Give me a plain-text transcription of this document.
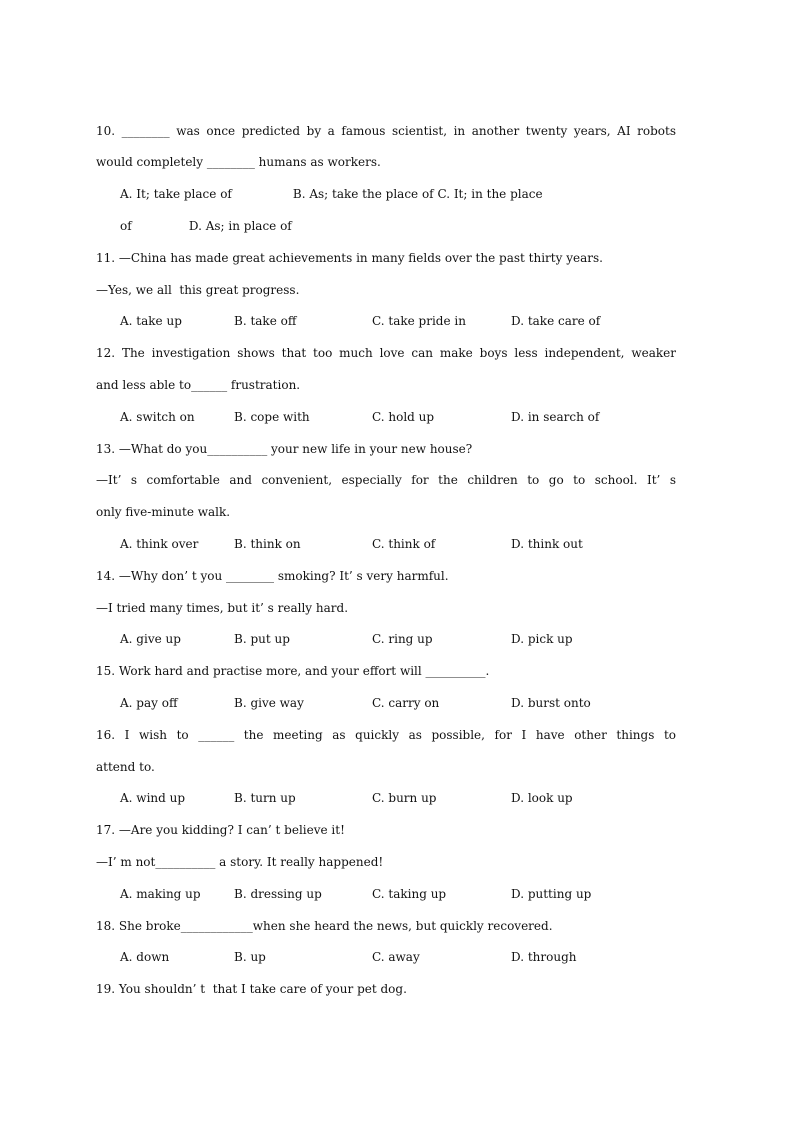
10. ________ was once predicted by a famous scientist, in another twenty years, AI robots
would completely ________ humans as workers.
A. It; take place of                B. As; take the place of C. It; in the place
of               D. As; in place of
11. —China has made great achievements in many fields over the past thirty years.
—Yes, we all  this great progress.
A. take up	B. take off	C. take pride in	D. take care of
12. The investigation shows that too much love can make boys less independent, weaker
and less able to______ frustration.
A. switch on	B. cope with	C. hold up	D. in search of
13. —What do you__________ your new life in your new house?
—It’ s comfortable and convenient, especially for the children to go to school. It’ s
only five-minute walk.
A. think over	B. think on	C. think of	D. think out
14. —Why don’ t you ________ smoking? It’ s very harmful.
—I tried many times, but it’ s really hard.
A. give up	B. put up	C. ring up	D. pick up
15. Work hard and practise more, and your effort will __________.
A. pay off	B. give way	C. carry on	D. burst onto
16. I wish to ______ the meeting as quickly as possible, for I have other things to
attend to.
A. wind up	B. turn up	C. burn up	D. look up
17. —Are you kidding? I can’ t believe it!
—I’ m not__________ a story. It really happened!
A. making up	B. dressing up	C. taking up	D. putting up
18. She broke____________when she heard the news, but quickly recovered.
A. down	B. up	C. away	D. through
19. You shouldn’ t  that I take care of your pet dog.
